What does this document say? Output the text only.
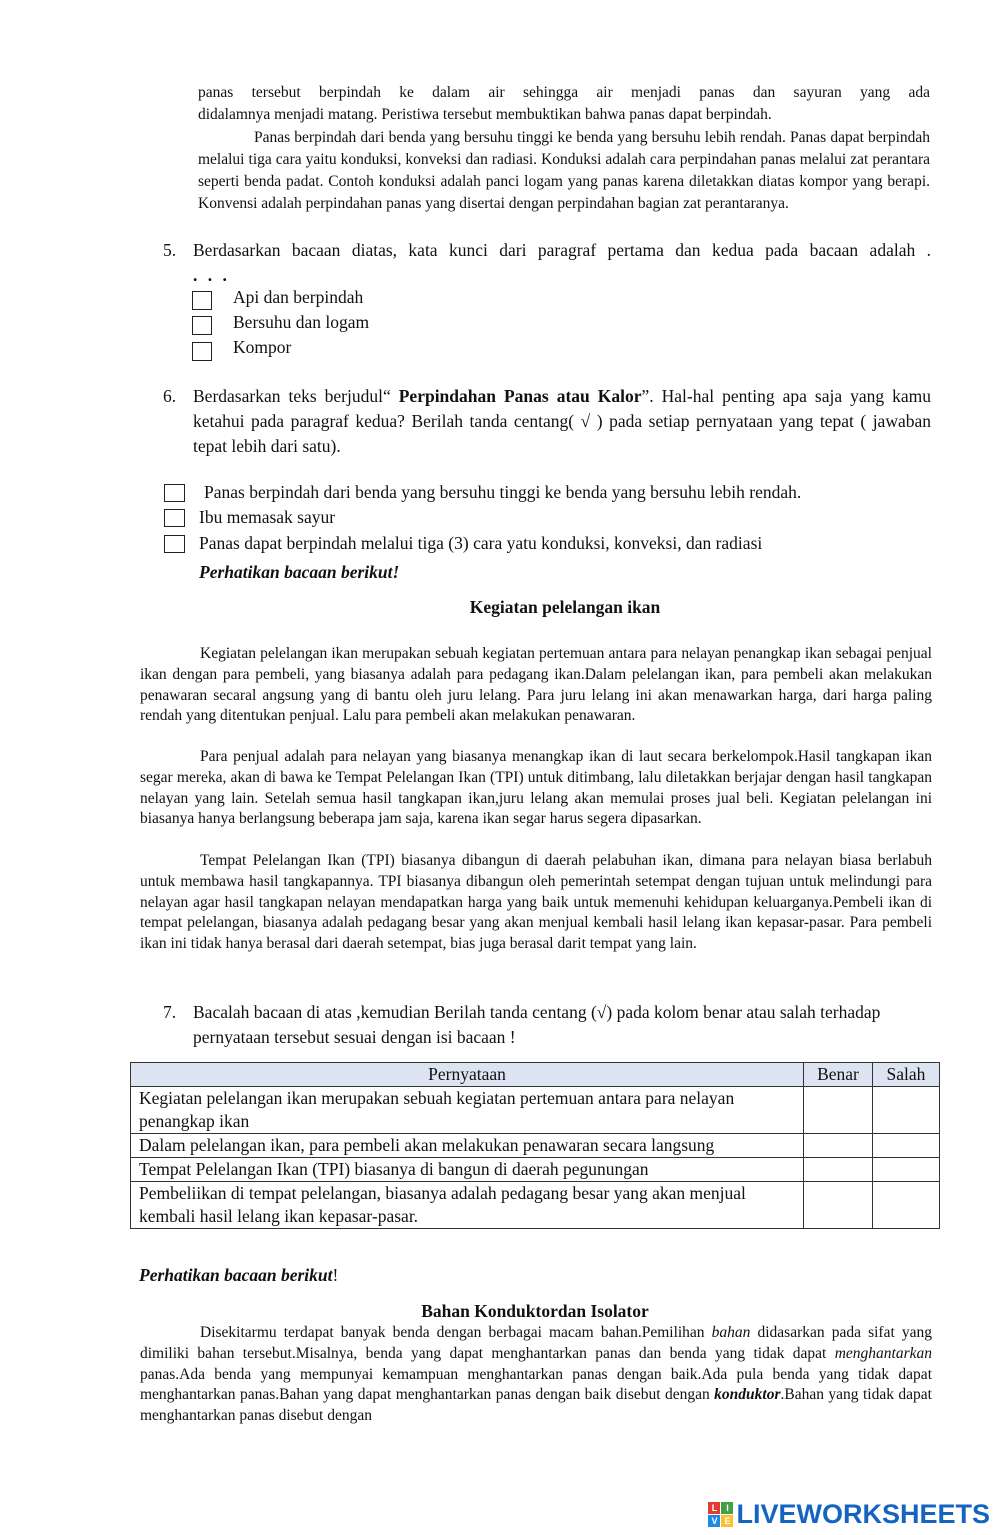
panas tersebut berpindah ke dalam air sehingga air menjadi panas dan sayuran yang ada
didalamnya menjadi matang. Peristiwa tersebut membuktikan bahwa panas dapat berpindah.
Panas berpindah dari benda yang bersuhu tinggi ke benda yang bersuhu lebih rendah. Panas dapat berpindah melalui tiga cara yaitu konduksi, konveksi dan radiasi. Konduksi adalah cara perpindahan panas melalui zat perantara seperti benda padat. Contoh konduksi adalah panci logam yang panas karena diletakkan diatas kompor yang berapi. Konvensi adalah perpindahan panas yang disertai dengan perpindahan bagian zat perantaranya.
5. Berdasarkan bacaan diatas, kata kunci dari paragraf pertama dan kedua pada bacaan adalah .
. . .
Api dan berpindah
Bersuhu dan logam
Kompor
6. Berdasarkan teks berjudul“ Perpindahan Panas atau Kalor”. Hal-hal penting apa saja yang kamu ketahui pada paragraf kedua? Berilah tanda centang( √ ) pada setiap pernyataan yang tepat ( jawaban tepat lebih dari satu).
Panas berpindah dari benda yang bersuhu tinggi ke benda yang bersuhu lebih rendah.
Ibu memasak sayur
Panas dapat berpindah melalui tiga (3) cara yatu konduksi, konveksi, dan radiasi
Perhatikan bacaan berikut!
Kegiatan pelelangan ikan
Kegiatan pelelangan ikan merupakan sebuah kegiatan pertemuan antara para nelayan penangkap ikan sebagai penjual ikan dengan para pembeli, yang biasanya adalah para pedagang ikan.Dalam pelelangan ikan, para pembeli akan melakukan penawaran secaral angsung yang di bantu oleh juru lelang. Para juru lelang ini akan menawarkan harga, dari harga paling rendah yang ditentukan penjual. Lalu para pembeli akan melakukan penawaran.
Para penjual adalah para nelayan yang biasanya menangkap ikan di laut secara berkelompok.Hasil tangkapan ikan segar mereka, akan di bawa ke Tempat Pelelangan Ikan (TPI) untuk ditimbang, lalu diletakkan berjajar dengan hasil tangkapan nelayan yang lain. Setelah semua hasil tangkapan ikan,juru lelang akan memulai proses jual beli. Kegiatan pelelangan ini biasanya hanya berlangsung beberapa jam saja, karena ikan segar harus segera dipasarkan.
Tempat Pelelangan Ikan (TPI) biasanya dibangun di daerah pelabuhan ikan, dimana para nelayan biasa berlabuh untuk membawa hasil tangkapannya. TPI biasanya dibangun oleh pemerintah setempat dengan tujuan untuk melindungi para nelayan agar hasil tangkapan nelayan mendapatkan harga yang baik untuk memenuhi kehidupan keluarganya.Pembeli ikan di tempat pelelangan, biasanya adalah pedagang besar yang akan menjual kembali hasil lelang ikan kepasar-pasar. Para pembeli ikan ini tidak hanya berasal dari daerah setempat, bias juga berasal darit tempat yang lain.
7. Bacalah bacaan di atas ,kemudian Berilah tanda centang (√) pada kolom benar atau salah terhadap pernyataan tersebut sesuai dengan isi bacaan !
Pernyataan	Benar	Salah
Kegiatan pelelangan ikan merupakan sebuah kegiatan pertemuan antara para nelayan penangkap ikan		
Dalam pelelangan ikan, para pembeli akan melakukan penawaran secara langsung		
Tempat Pelelangan Ikan (TPI) biasanya di bangun di daerah pegunungan		
Pembeliikan di tempat pelelangan, biasanya adalah pedagang besar yang akan menjual kembali hasil lelang ikan kepasar-pasar.		
Perhatikan bacaan berikut!
Bahan Konduktordan Isolator
Disekitarmu terdapat banyak benda dengan berbagai macam bahan.Pemilihan bahan didasarkan pada sifat yang dimiliki bahan tersebut.Misalnya, benda yang dapat menghantarkan panas dan benda yang tidak dapat menghantarkan panas.Ada benda yang mempunyai kemampuan menghantarkan panas dengan baik.Ada pula benda yang tidak dapat menghantarkan panas.Bahan yang dapat menghantarkan panas dengan baik disebut dengan konduktor.Bahan yang tidak dapat menghantarkan panas disebut dengan
L I
V E LIVEWORKSHEETS
